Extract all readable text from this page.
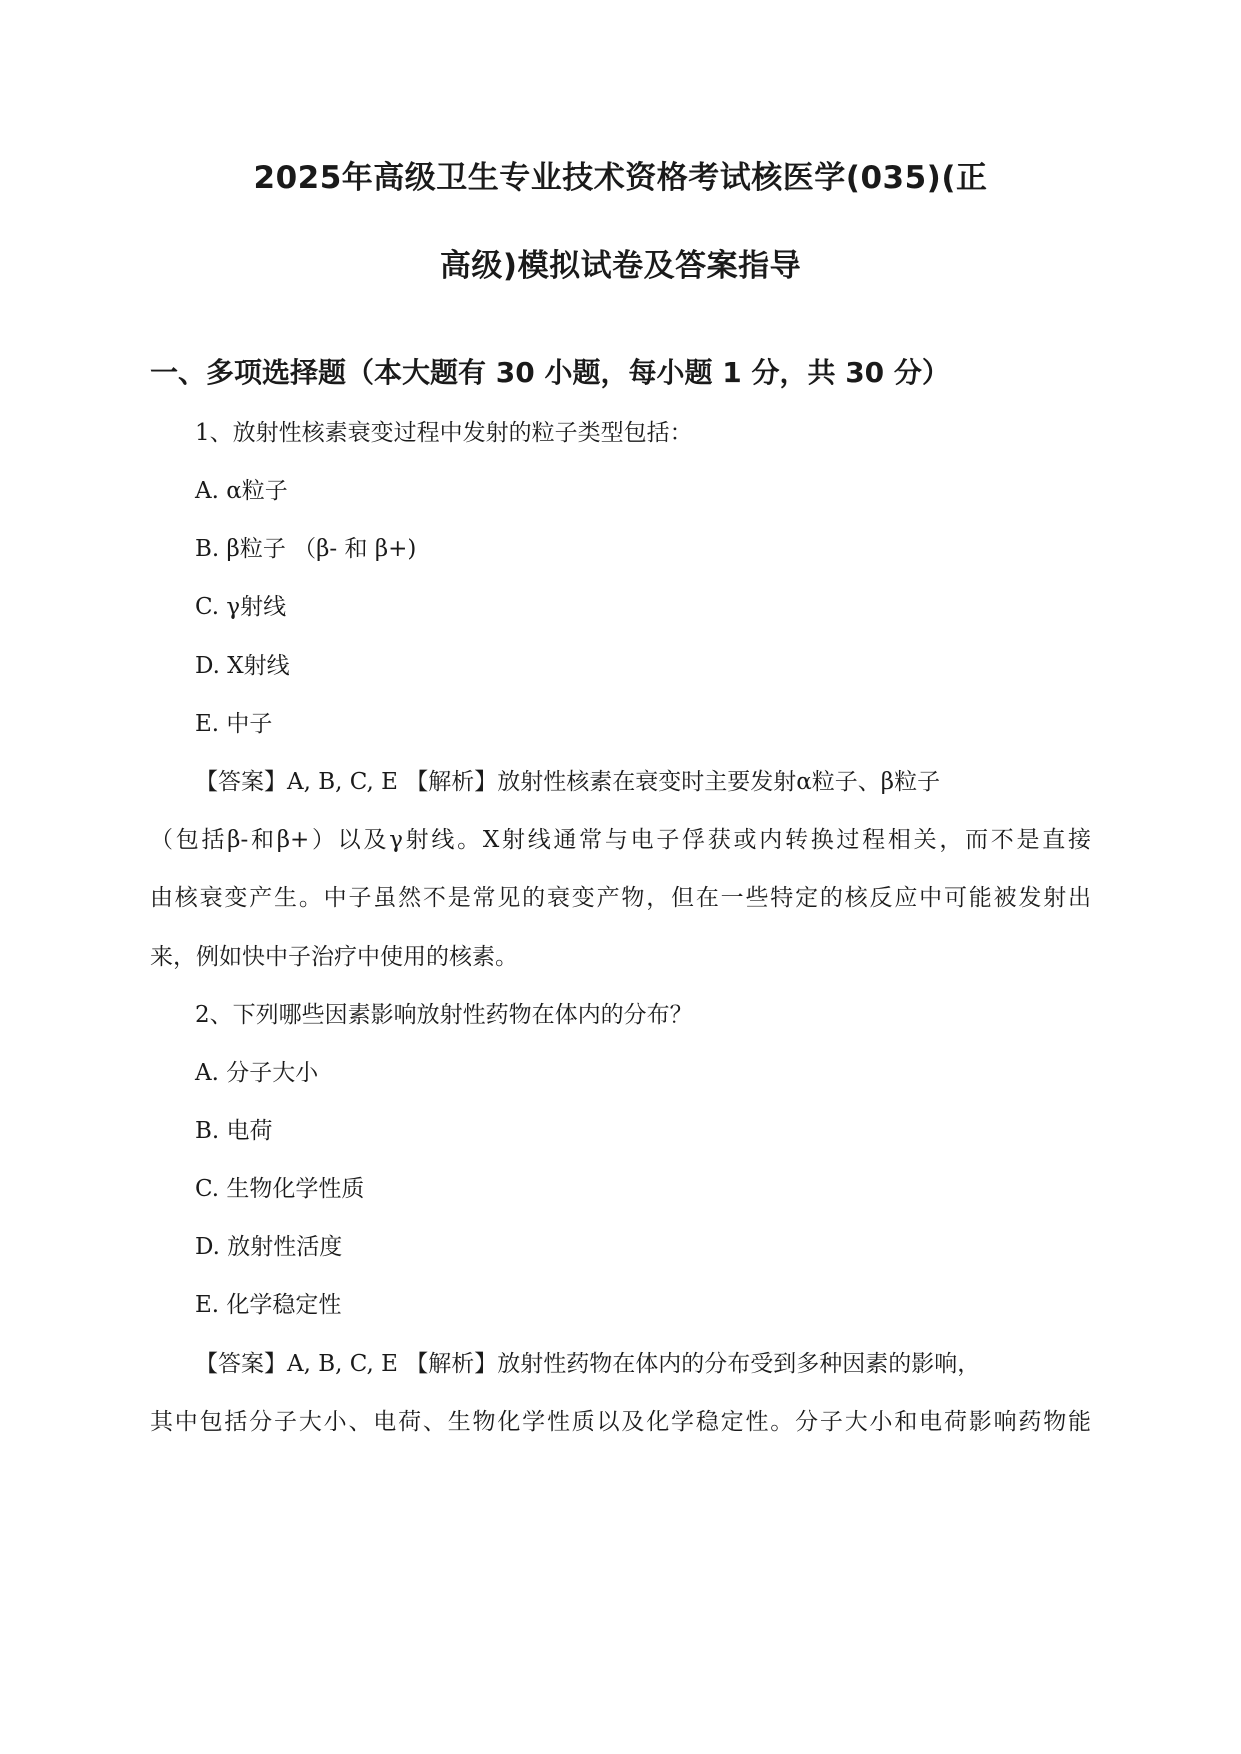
2025年高级卫生专业技术资格考试核医学(035)(正
高级)模拟试卷及答案指导
一、多项选择题（本大题有 30 小题，每小题 1 分，共 30 分）
1、放射性核素衰变过程中发射的粒子类型包括：
A. α粒子
B. β粒子 （β- 和 β+)
C. γ射线
D. X射线
E. 中子
【答案】A, B, C, E 【解析】放射性核素在衰变时主要发射α粒子、β粒子
（包括β-和β+）以及γ射线。X射线通常与电子俘获或内转换过程相关，而不是直接
由核衰变产生。中子虽然不是常见的衰变产物，但在一些特定的核反应中可能被发射出
来，例如快中子治疗中使用的核素。
2、下列哪些因素影响放射性药物在体内的分布？
A. 分子大小
B. 电荷
C. 生物化学性质
D. 放射性活度
E. 化学稳定性
【答案】A, B, C, E 【解析】放射性药物在体内的分布受到多种因素的影响，
其中包括分子大小、电荷、生物化学性质以及化学稳定性。分子大小和电荷影响药物能
